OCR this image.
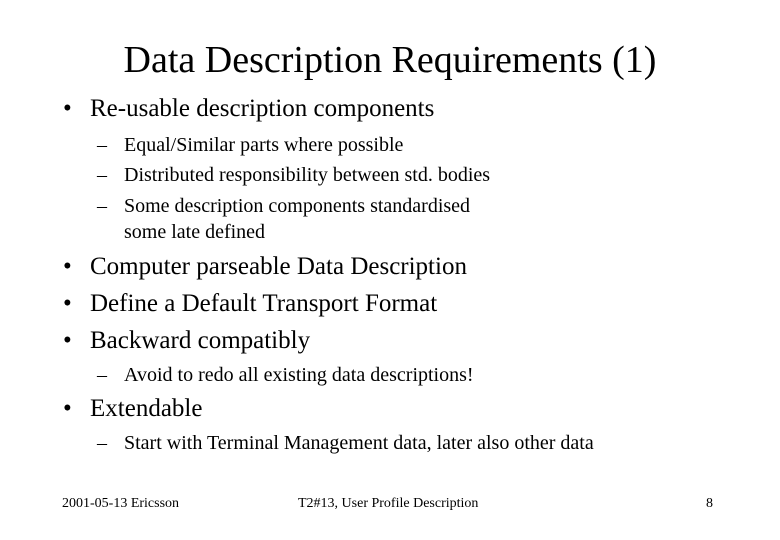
Data Description Requirements (1)
• Re-usable description components
– Equal/Similar parts where possible
– Distributed responsibility between std. bodies
– Some description components standardised
some late defined
• Computer parseable Data Description
• Define a Default Transport Format
• Backward compatibly
– Avoid to redo all existing data descriptions!
• Extendable
– Start with Terminal Management data, later also other data
2001-05-13 Ericsson	T2#13, User Profile Description	8
